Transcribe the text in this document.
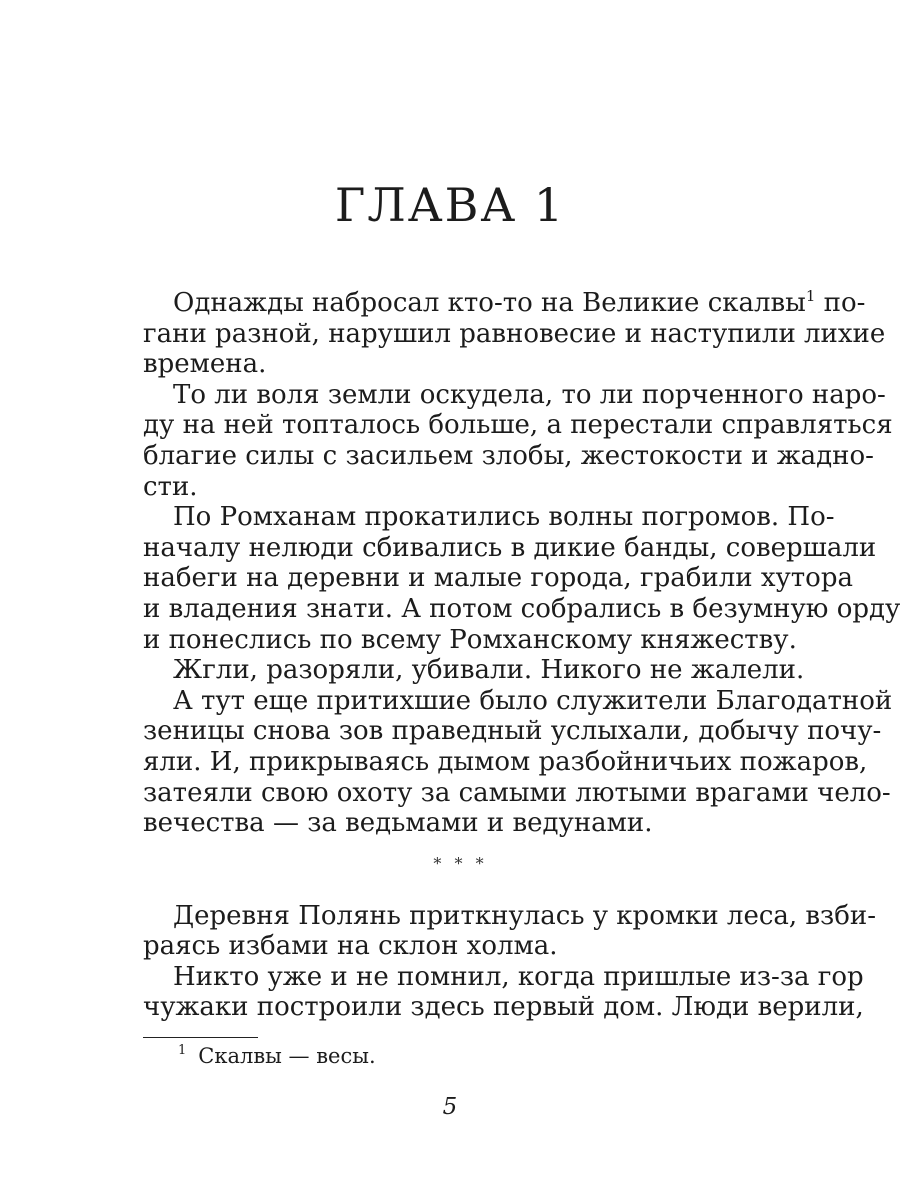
ГЛАВА 1
Однажды набросал кто-то на Великие скалвы$^1$ по-
гани разной, нарушил равновесие и наступили лихие
времена.
То ли воля земли оскудела, то ли порченного наро-
ду на ней топталось больше, а перестали справляться
благие силы с засильем злобы, жестокости и жадно-
сти.
По Ромханам прокатились волны погромов. По-
началу нелюди сбивались в дикие банды, совершали
набеги на деревни и малые города, грабили хутора
и владения знати. А потом собрались в безумную орду
и понеслись по всему Ромханскому княжеству.
Жгли, разоряли, убивали. Никого не жалели.
А тут еще притихшие было служители Благодатной
зеницы снова зов праведный услыхали, добычу почу-
яли. И, прикрываясь дымом разбойничьих пожаров,
затеяли свою охоту за самыми лютыми врагами чело-
вечества — за ведьмами и ведунами.
* * *
Деревня Полянь приткнулась у кромки леса, взби-
раясь избами на склон холма.
Никто уже и не помнил, когда пришлые из-за гор
чужаки построили здесь первый дом. Люди верили,
$^1$ Скалвы — весы.
5
